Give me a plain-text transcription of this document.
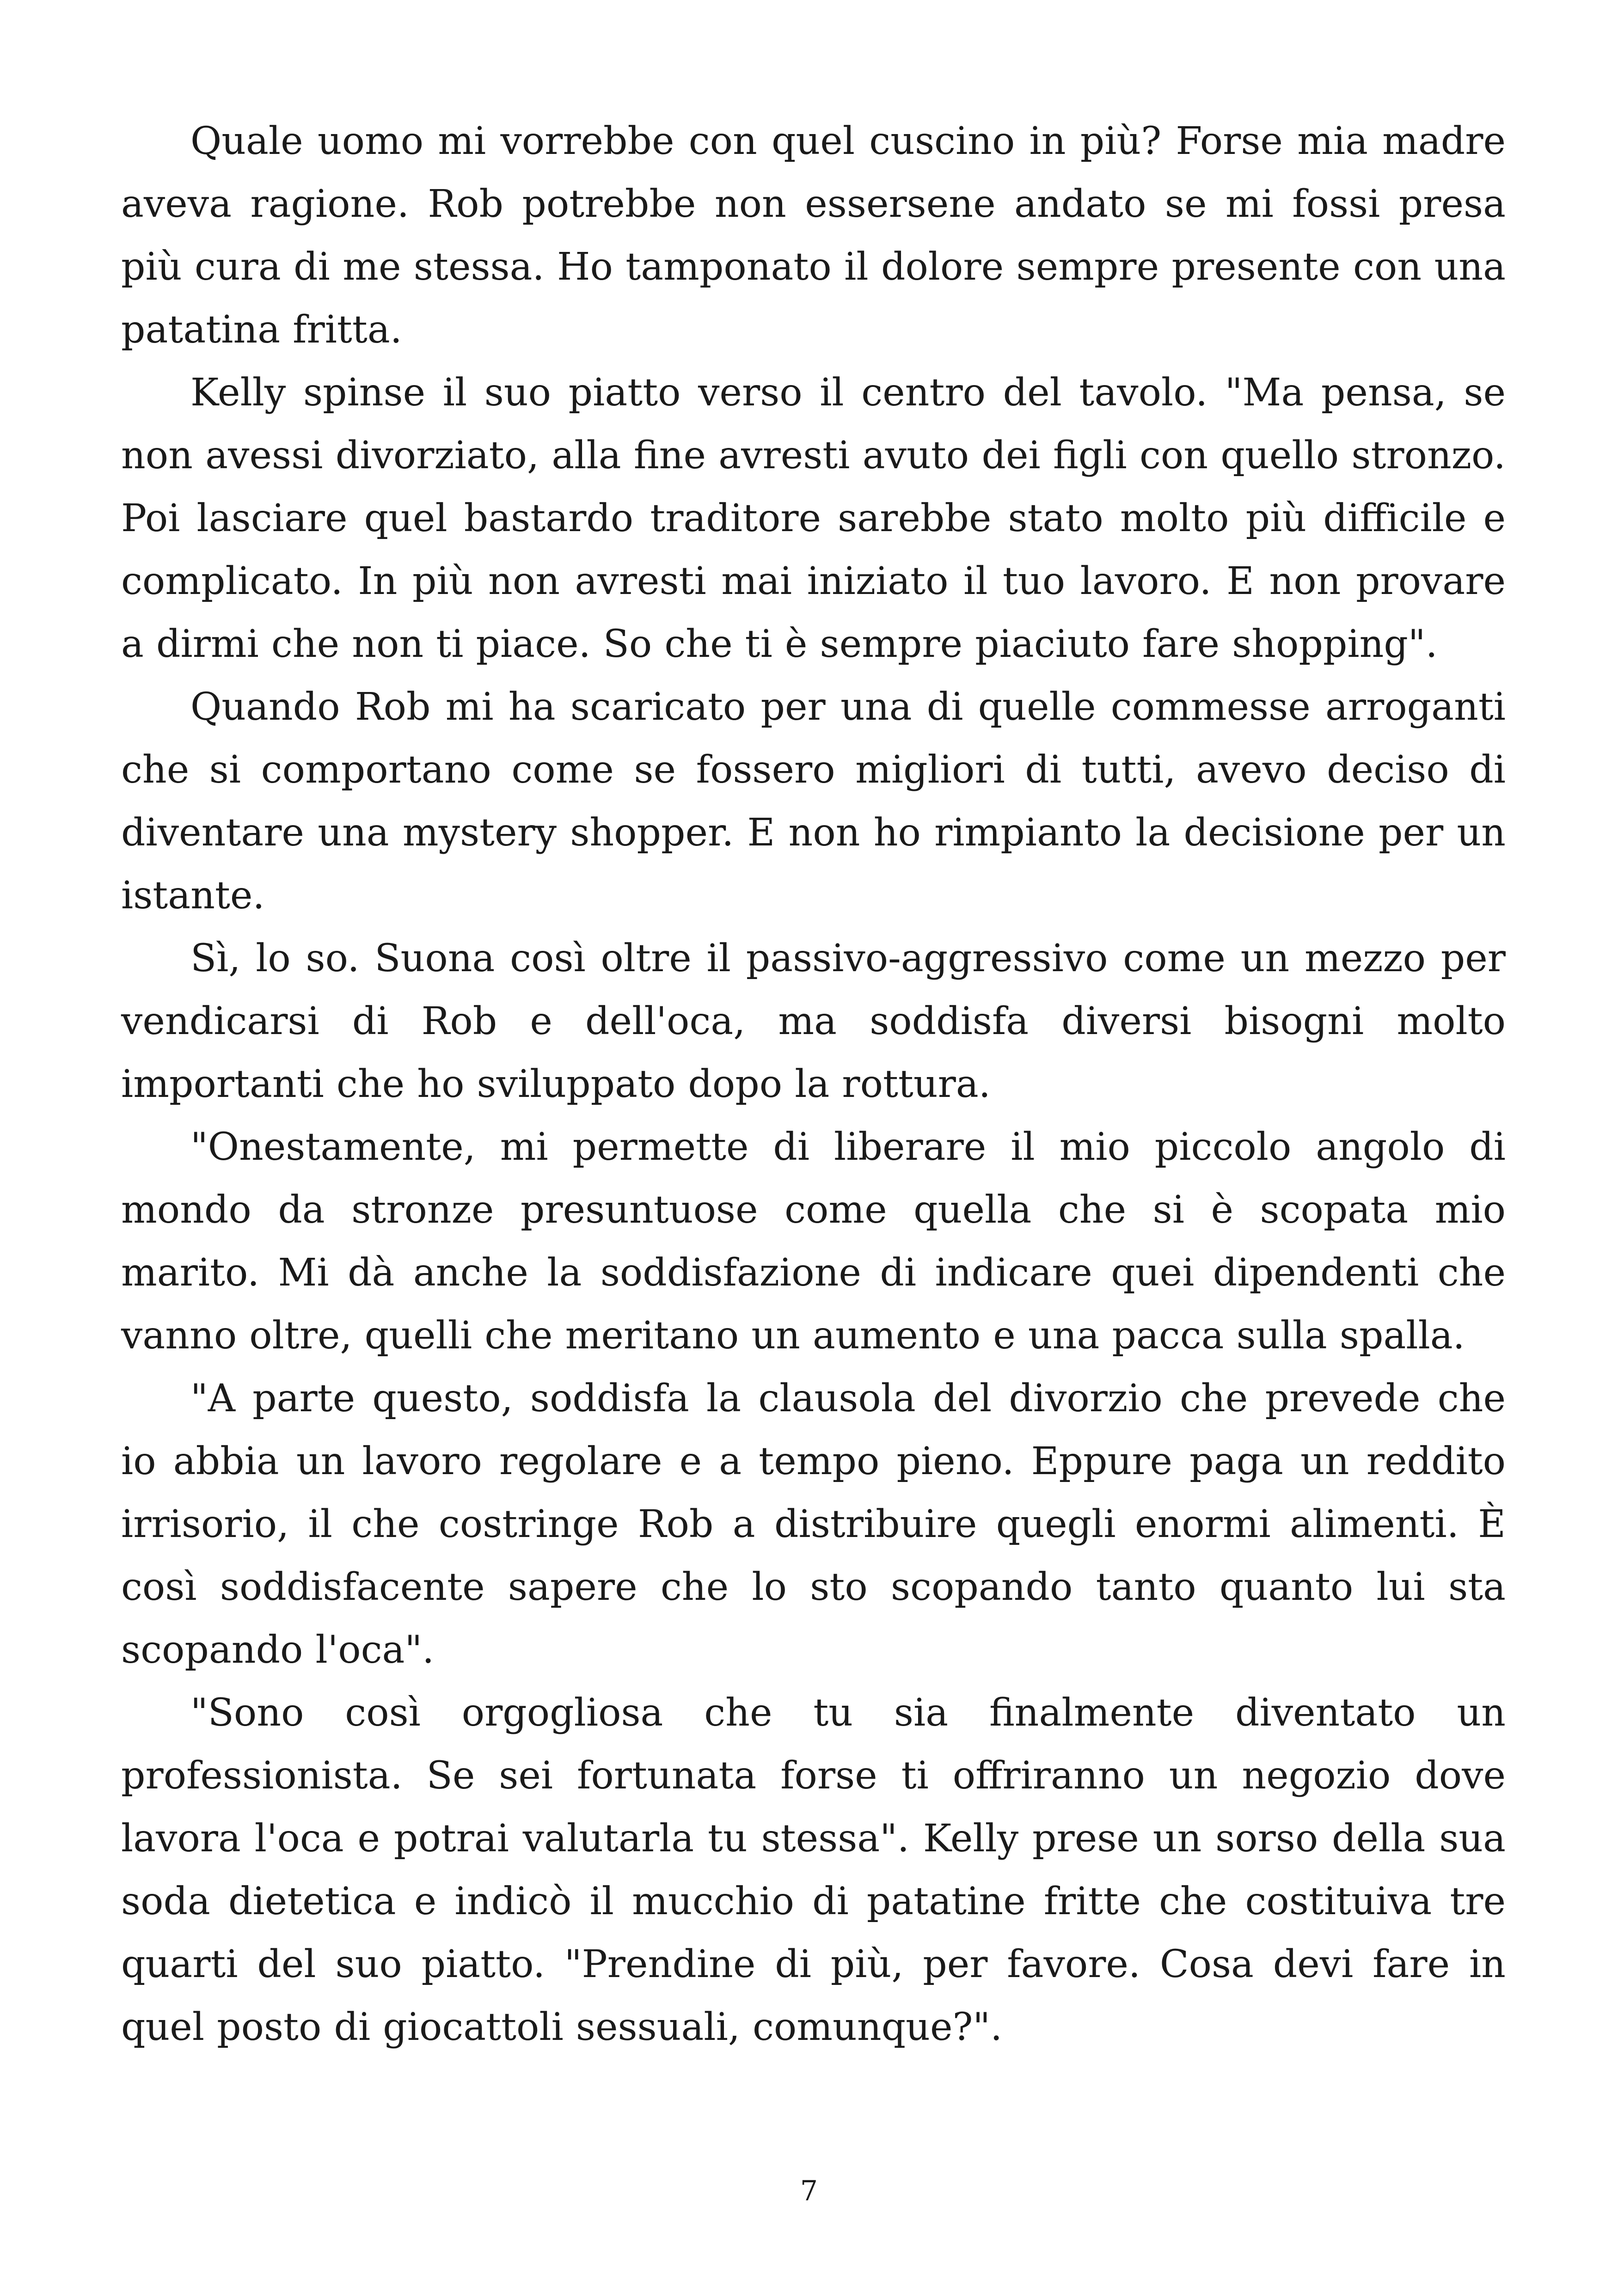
Quale uomo mi vorrebbe con quel cuscino in più? Forse mia madre aveva ragione. Rob potrebbe non essersene andato se mi fossi presa più cura di me stessa. Ho tamponato il dolore sempre presente con una patatina fritta.

Kelly spinse il suo piatto verso il centro del tavolo. "Ma pensa, se non avessi divorziato, alla fine avresti avuto dei figli con quello stronzo. Poi lasciare quel bastardo traditore sarebbe stato molto più difficile e complicato. In più non avresti mai iniziato il tuo lavoro. E non provare a dirmi che non ti piace. So che ti è sempre piaciuto fare shopping".

Quando Rob mi ha scaricato per una di quelle commesse arroganti che si comportano come se fossero migliori di tutti, avevo deciso di diventare una mystery shopper. E non ho rimpianto la decisione per un istante.

Sì, lo so. Suona così oltre il passivo-aggressivo come un mezzo per vendicarsi di Rob e dell'oca, ma soddisfa diversi bisogni molto importanti che ho sviluppato dopo la rottura.

"Onestamente, mi permette di liberare il mio piccolo angolo di mondo da stronze presuntuose come quella che si è scopata mio marito. Mi dà anche la soddisfazione di indicare quei dipendenti che vanno oltre, quelli che meritano un aumento e una pacca sulla spalla.

"A parte questo, soddisfa la clausola del divorzio che prevede che io abbia un lavoro regolare e a tempo pieno. Eppure paga un reddito irrisorio, il che costringe Rob a distribuire quegli enormi alimenti. È così soddisfacente sapere che lo sto scopando tanto quanto lui sta scopando l'oca".

"Sono così orgogliosa che tu sia finalmente diventato un professionista. Se sei fortunata forse ti offriranno un negozio dove lavora l'oca e potrai valutarla tu stessa". Kelly prese un sorso della sua soda dietetica e indicò il mucchio di patatine fritte che costituiva tre quarti del suo piatto. "Prendine di più, per favore. Cosa devi fare in quel posto di giocattoli sessuali, comunque?".

7
